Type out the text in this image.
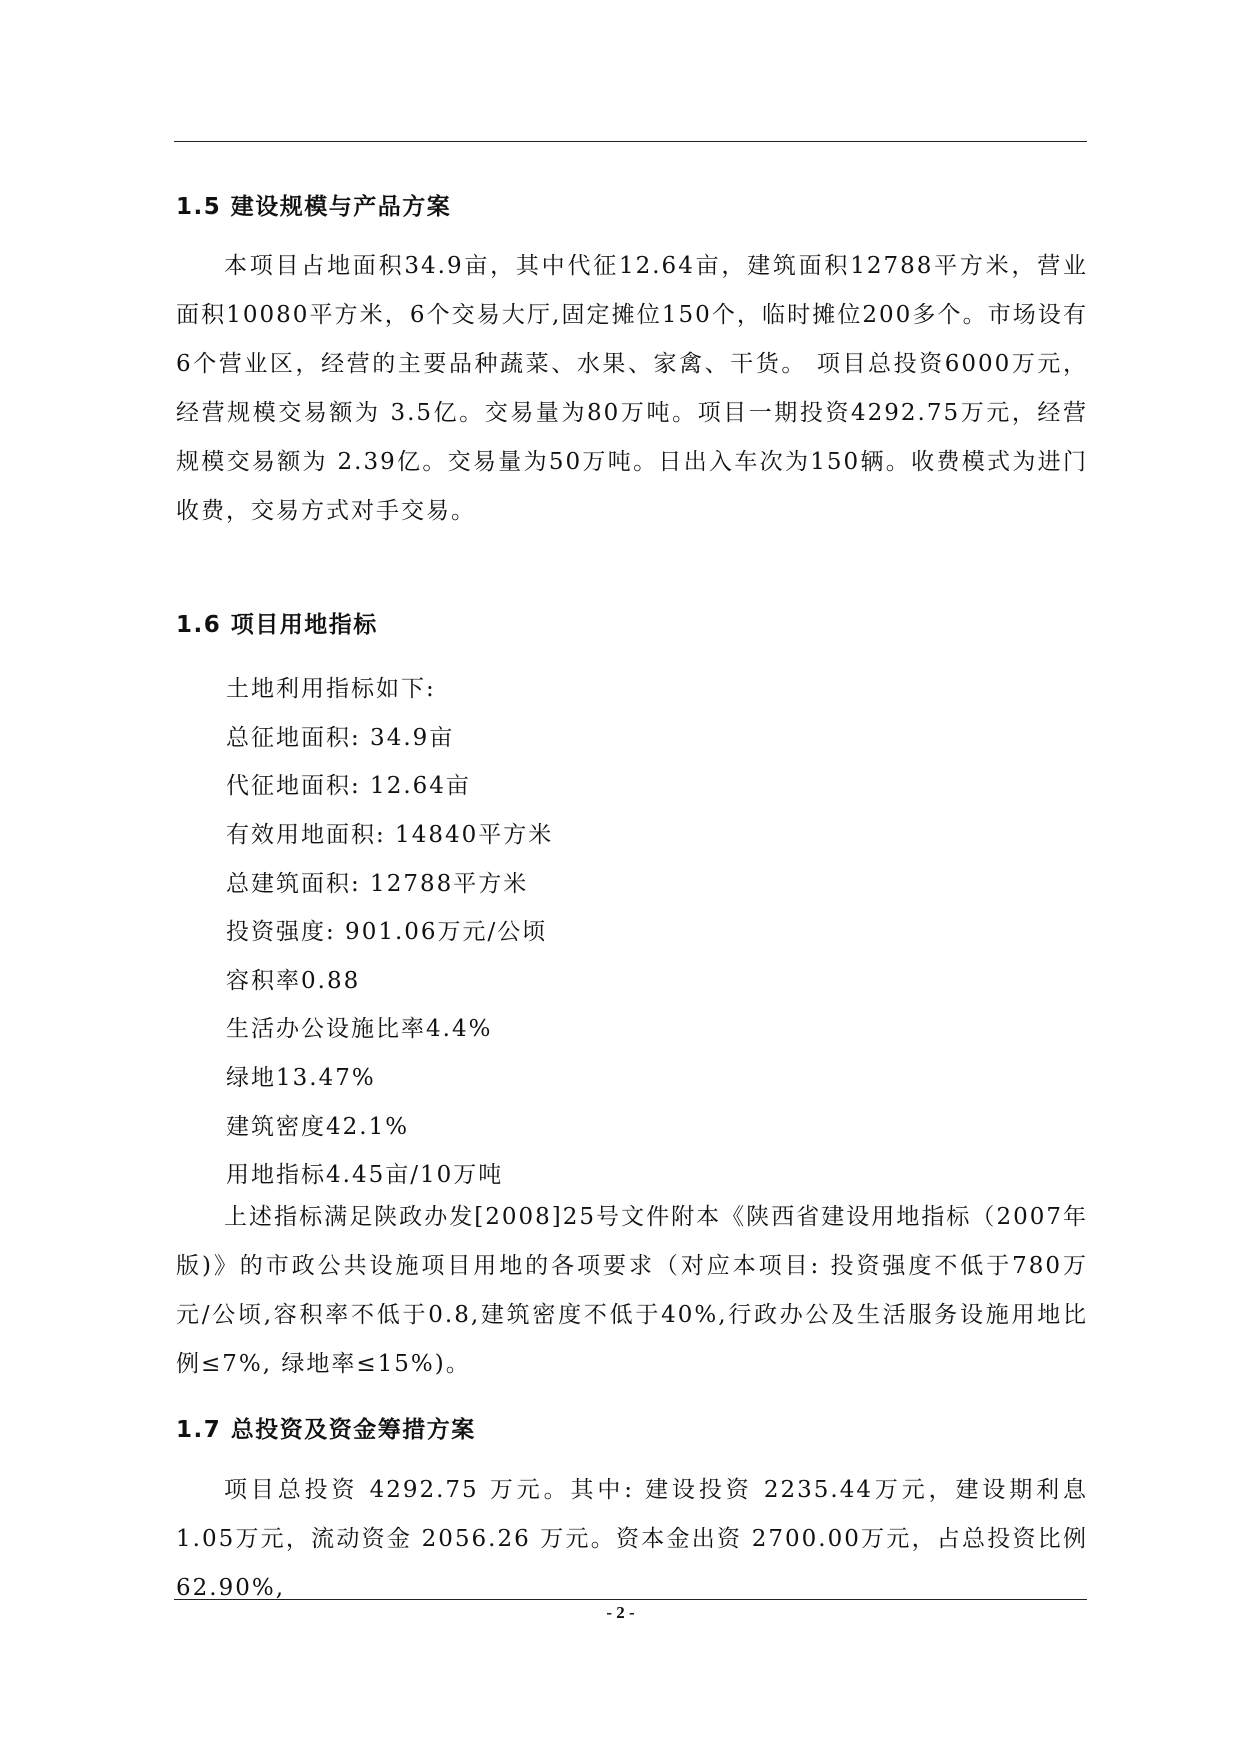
1.5 建设规模与产品方案
本项目占地面积34.9亩，其中代征12.64亩，建筑面积12788平方米，营业面积10080平方米，6个交易大厅,固定摊位150个，临时摊位200多个。市场设有6个营业区，经营的主要品种蔬菜、水果、家禽、干货。 项目总投资6000万元，经营规模交易额为 3.5亿。交易量为80万吨。项目一期投资4292.75万元，经营规模交易额为 2.39亿。交易量为50万吨。日出入车次为150辆。收费模式为进门收费，交易方式对手交易。
1.6 项目用地指标
土地利用指标如下:
总征地面积: 34.9亩
代征地面积: 12.64亩
有效用地面积: 14840平方米
总建筑面积: 12788平方米
投资强度: 901.06万元/公顷
容积率0.88
生活办公设施比率4.4%
绿地13.47%
建筑密度42.1%
用地指标4.45亩/10万吨
上述指标满足陕政办发[2008]25号文件附本《陕西省建设用地指标（2007年版)》的市政公共设施项目用地的各项要求（对应本项目: 投资强度不低于780万元/公顷,容积率不低于0.8,建筑密度不低于40%,行政办公及生活服务设施用地比例≤7%, 绿地率≤15%)。
1.7 总投资及资金筹措方案
项目总投资 4292.75 万元。其中: 建设投资 2235.44万元，建设期利息 1.05万元，流动资金 2056.26 万元。资本金出资 2700.00万元，占总投资比例 62.90%,
- 2 -
